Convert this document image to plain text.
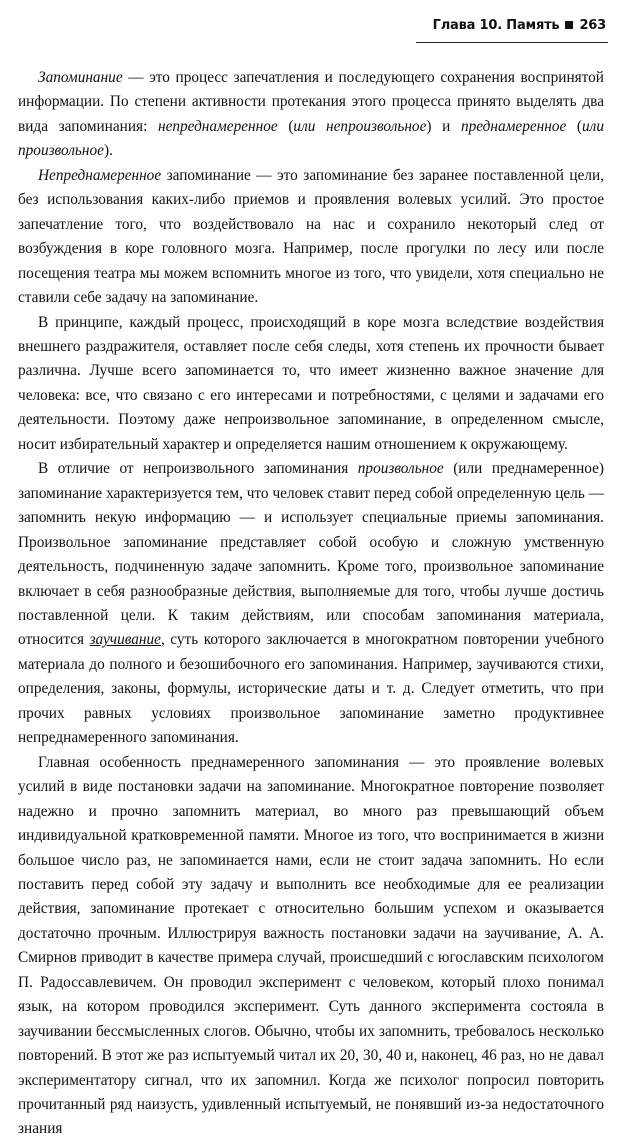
Глава 10. Память 263

Запоминание — это процесс запечатления и последующего сохранения воспринятой информации. По степени активности протекания этого процесса принято выделять два вида запоминания: непреднамеренное (или непроизвольное) и преднамеренное (или произвольное).

Непреднамеренное запоминание — это запоминание без заранее поставленной цели, без использования каких-либо приемов и проявления волевых усилий. Это простое запечатление того, что воздействовало на нас и сохранило некоторый след от возбуждения в коре головного мозга. Например, после прогулки по лесу или после посещения театра мы можем вспомнить многое из того, что увидели, хотя специально не ставили себе задачу на запоминание.

В принципе, каждый процесс, происходящий в коре мозга вследствие воздействия внешнего раздражителя, оставляет после себя следы, хотя степень их прочности бывает различна. Лучше всего запоминается то, что имеет жизненно важное значение для человека: все, что связано с его интересами и потребностями, с целями и задачами его деятельности. Поэтому даже непроизвольное запоминание, в определенном смысле, носит избирательный характер и определяется нашим отношением к окружающему.

В отличие от непроизвольного запоминания произвольное (или преднамеренное) запоминание характеризуется тем, что человек ставит перед собой определенную цель — запомнить некую информацию — и использует специальные приемы запоминания. Произвольное запоминание представляет собой особую и сложную умственную деятельность, подчиненную задаче запомнить. Кроме того, произвольное запоминание включает в себя разнообразные действия, выполняемые для того, чтобы лучше достичь поставленной цели. К таким действиям, или способам запоминания материала, относится заучивание, суть которого заключается в многократном повторении учебного материала до полного и безошибочного его запоминания. Например, заучиваются стихи, определения, законы, формулы, исторические даты и т. д. Следует отметить, что при прочих равных условиях произвольное запоминание заметно продуктивнее непреднамеренного запоминания.

Главная особенность преднамеренного запоминания — это проявление волевых усилий в виде постановки задачи на запоминание. Многократное повторение позволяет надежно и прочно запомнить материал, во много раз превышающий объем индивидуальной кратковременной памяти. Многое из того, что воспринимается в жизни большое число раз, не запоминается нами, если не стоит задача запомнить. Но если поставить перед собой эту задачу и выполнить все необходимые для ее реализации действия, запоминание протекает с относительно большим успехом и оказывается достаточно прочным. Иллюстрируя важность постановки задачи на заучивание, А. А. Смирнов приводит в качестве примера случай, происшедший с югославским психологом П. Радоссавлевичем. Он проводил эксперимент с человеком, который плохо понимал язык, на котором проводился эксперимент. Суть данного эксперимента состояла в заучивании бессмысленных слогов. Обычно, чтобы их запомнить, требовалось несколько повторений. В этот же раз испытуемый читал их 20, 30, 40 и, наконец, 46 раз, но не давал экспериментатору сигнал, что их запомнил. Когда же психолог попросил повторить прочитанный ряд наизусть, удивленный испытуемый, не понявший из-за недостаточного знания
